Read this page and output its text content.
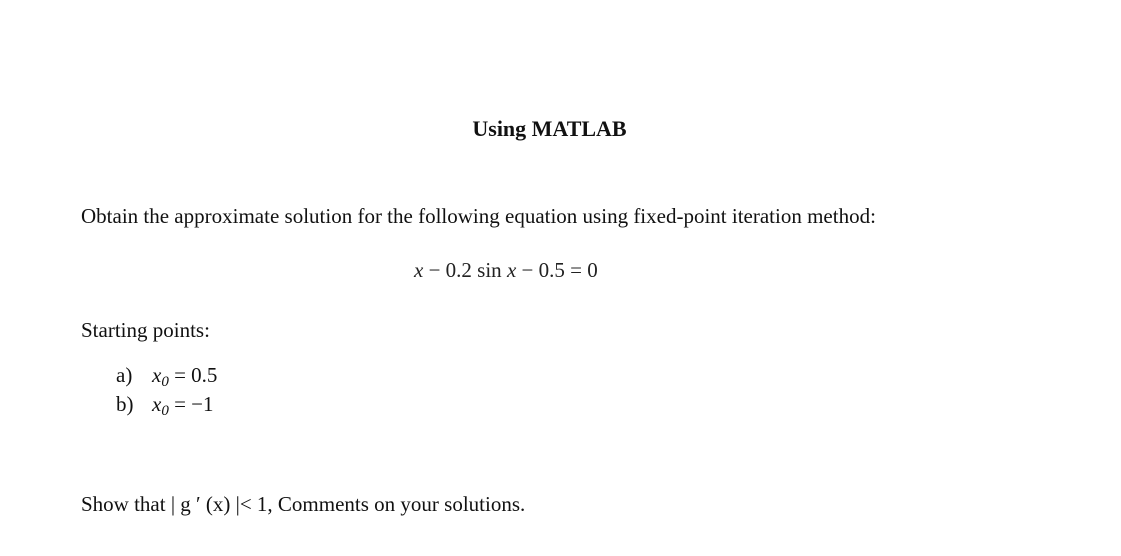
Using MATLAB
Obtain the approximate solution for the following equation using fixed-point iteration method:
x − 0.2 sin x − 0.5 = 0
Starting points:
a) $x_0 = 0.5$
b) $x_0 = -1$
Show that | g ′ (x) |< 1, Comments on your solutions.
